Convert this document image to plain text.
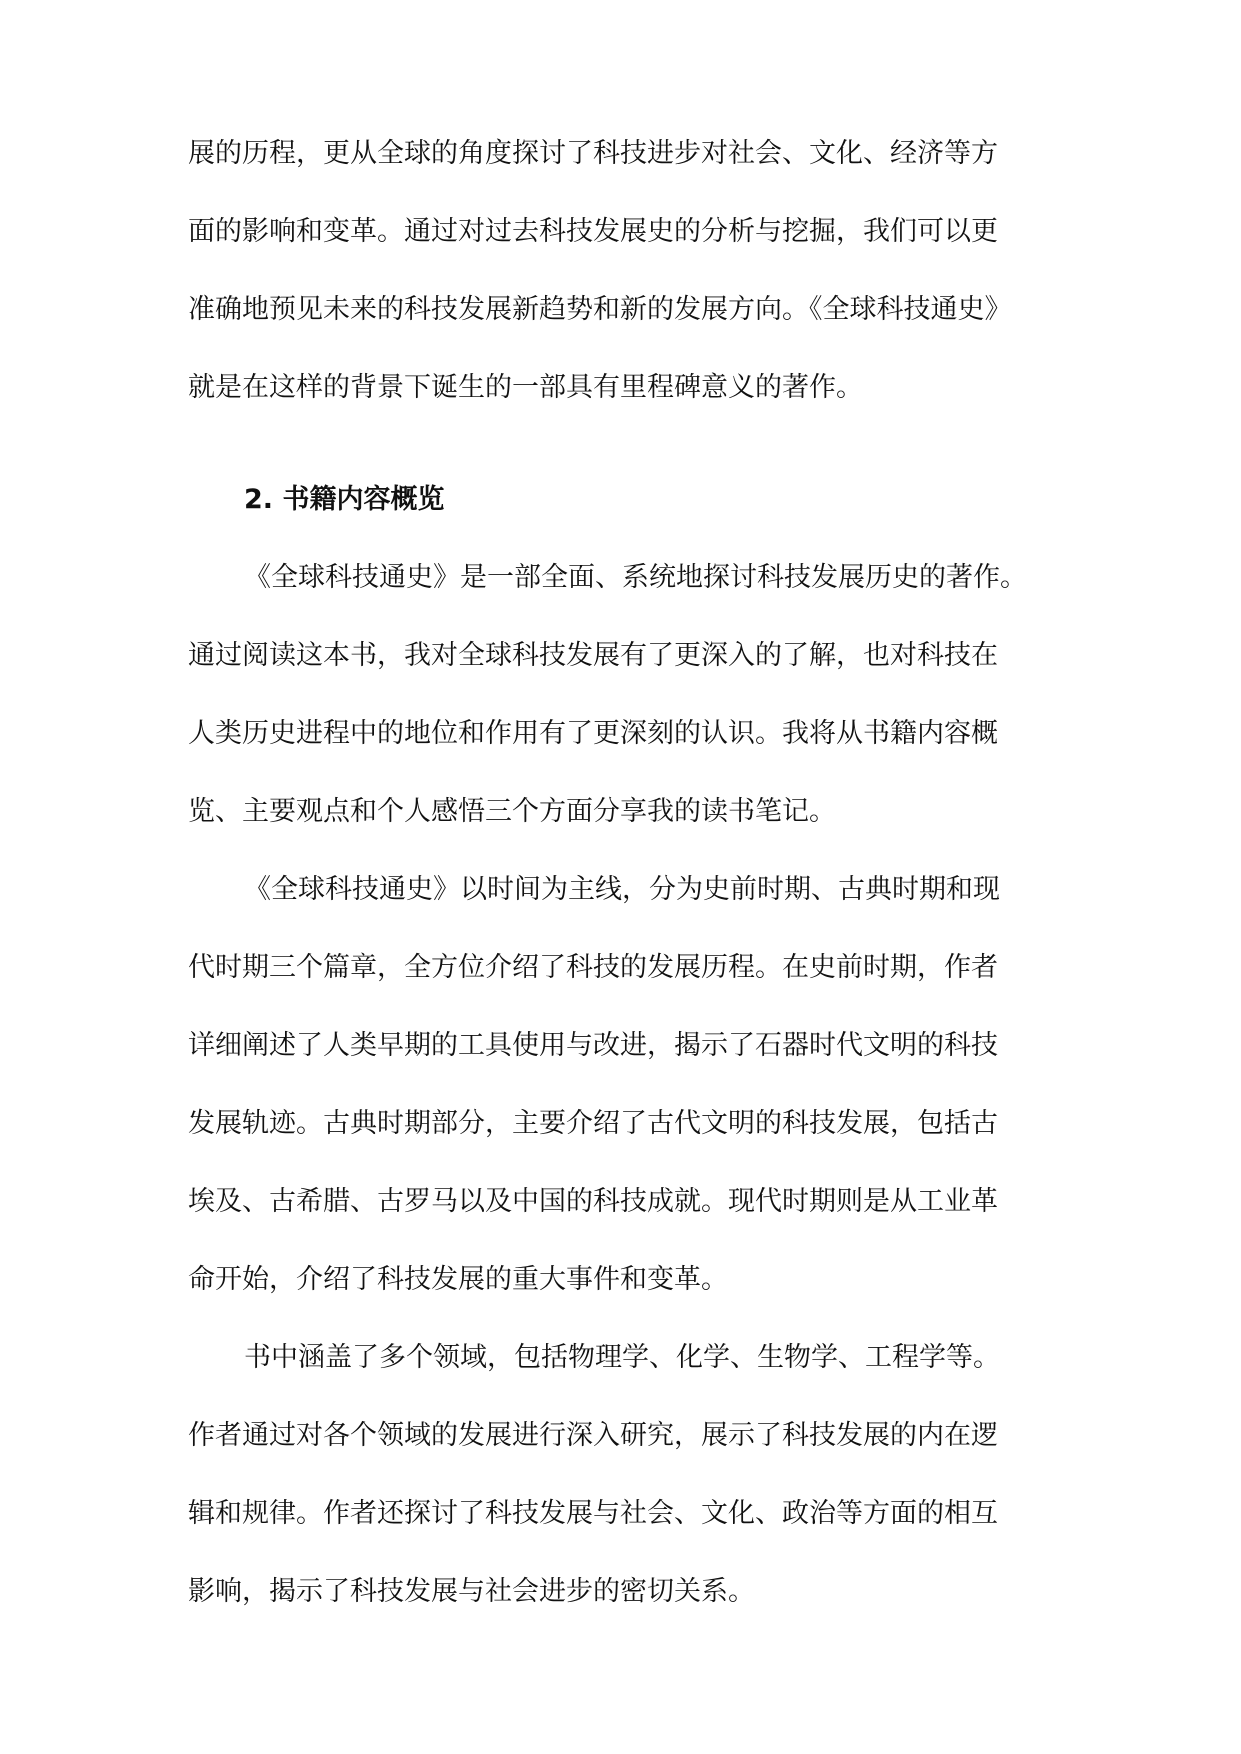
展的历程，更从全球的角度探讨了科技进步对社会、文化、经济等方
面的影响和变革。通过对过去科技发展史的分析与挖掘，我们可以更
准确地预见未来的科技发展新趋势和新的发展方向。《全球科技通史》
就是在这样的背景下诞生的一部具有里程碑意义的著作。
2. 书籍内容概览
《全球科技通史》是一部全面、系统地探讨科技发展历史的著作。
通过阅读这本书，我对全球科技发展有了更深入的了解，也对科技在
人类历史进程中的地位和作用有了更深刻的认识。我将从书籍内容概
览、主要观点和个人感悟三个方面分享我的读书笔记。
《全球科技通史》以时间为主线，分为史前时期、古典时期和现
代时期三个篇章，全方位介绍了科技的发展历程。在史前时期，作者
详细阐述了人类早期的工具使用与改进，揭示了石器时代文明的科技
发展轨迹。古典时期部分，主要介绍了古代文明的科技发展，包括古
埃及、古希腊、古罗马以及中国的科技成就。现代时期则是从工业革
命开始，介绍了科技发展的重大事件和变革。
书中涵盖了多个领域，包括物理学、化学、生物学、工程学等。
作者通过对各个领域的发展进行深入研究，展示了科技发展的内在逻
辑和规律。作者还探讨了科技发展与社会、文化、政治等方面的相互
影响，揭示了科技发展与社会进步的密切关系。
